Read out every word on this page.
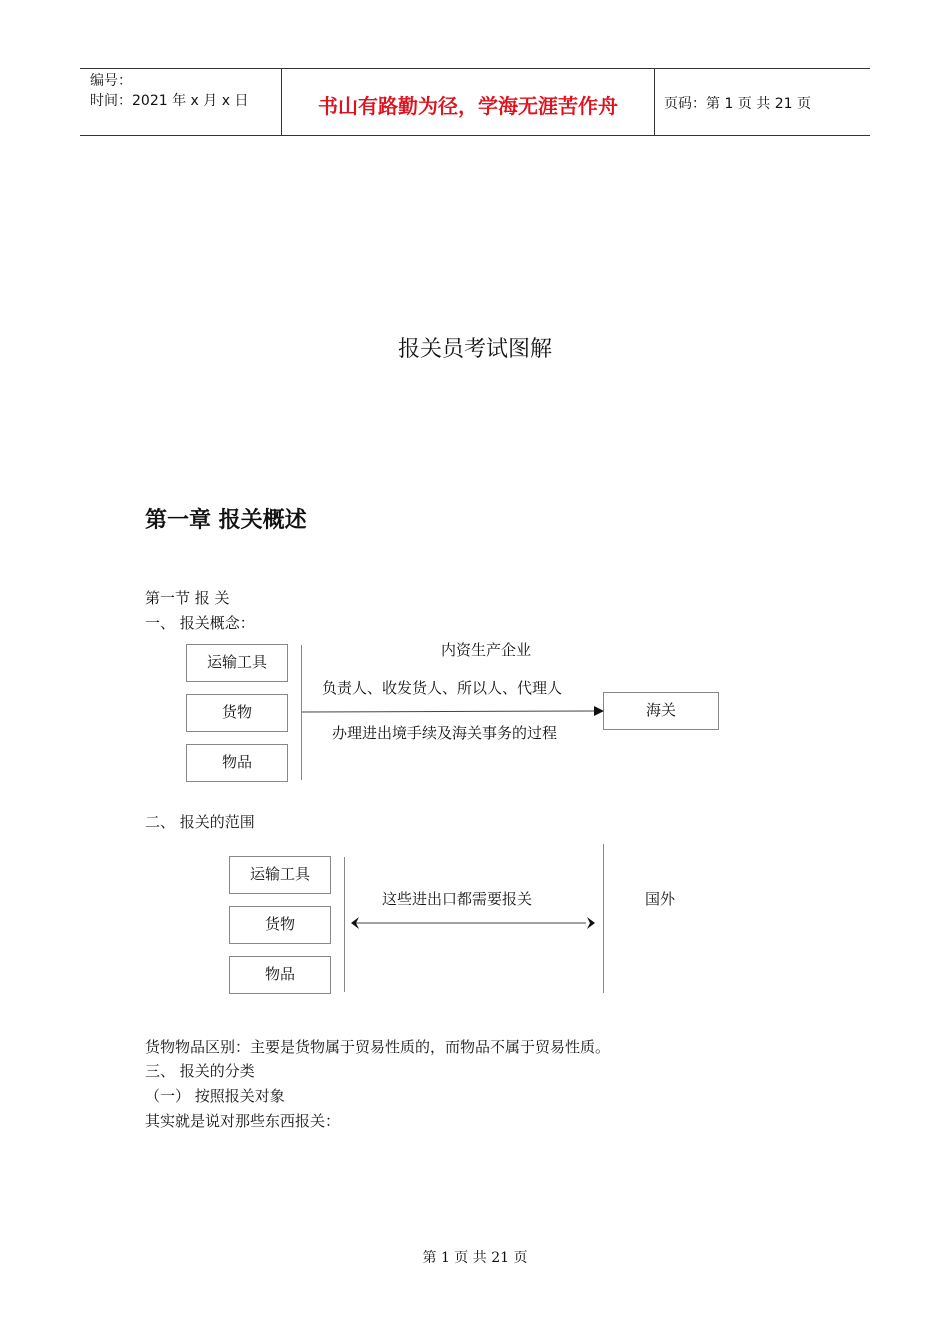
编号：
时间：2021 年 x 月 x 日	书山有路勤为径，学海无涯苦作舟	页码：第 1 页 共 21 页
报关员考试图解
第一章 报关概述
第一节 报 关
一、 报关概念：
运输工具
货物
物品
内资生产企业
负责人、收发货人、所以人、代理人
办理进出境手续及海关事务的过程
海关
二、 报关的范围
运输工具
货物
物品
这些进出口都需要报关	国外
货物物品区别：主要是货物属于贸易性质的，而物品不属于贸易性质。
三、 报关的分类
（一） 按照报关对象
其实就是说对那些东西报关：
第 1 页 共 21 页
